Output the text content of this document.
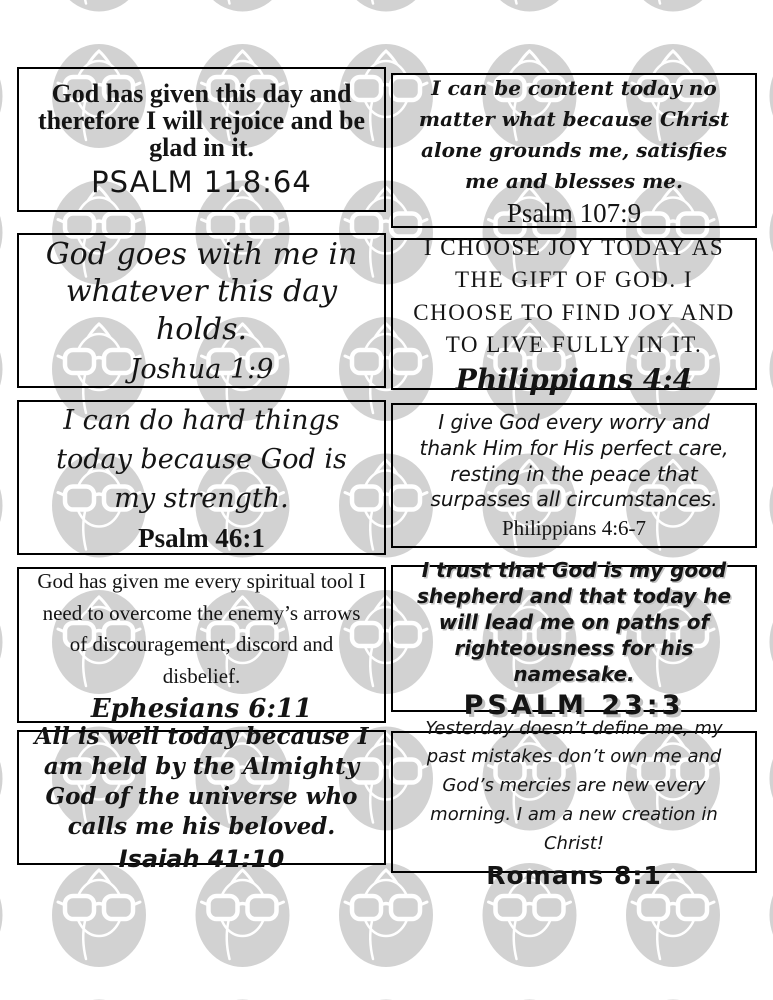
God has given this day and therefore I will rejoice and be glad in it.
PSALM 118:64
I can be content today no matter what because Christ alone grounds me, satisfies me and blesses me.
Psalm 107:9
God goes with me in whatever this day holds.
Joshua 1:9
I CHOOSE JOY TODAY AS THE GIFT OF GOD. I CHOOSE TO FIND JOY AND TO LIVE FULLY IN IT.
Philippians 4:4
I can do hard things today because God is my strength.
Psalm 46:1
I give God every worry and thank Him for His perfect care, resting in the peace that surpasses all circumstances.
Philippians 4:6-7
God has given me every spiritual tool I need to overcome the enemy’s arrows of discouragement, discord and disbelief.
Ephesians 6:11
I trust that God is my good shepherd and that today he will lead me on paths of righteousness for his namesake.
PSALM 23:3
All is well today because I am held by the Almighty God of the universe who calls me his beloved.
Isaiah 41:10
Yesterday doesn’t define me, my past mistakes don’t own me and God’s mercies are new every morning. I am a new creation in Christ!
Romans 8:1
